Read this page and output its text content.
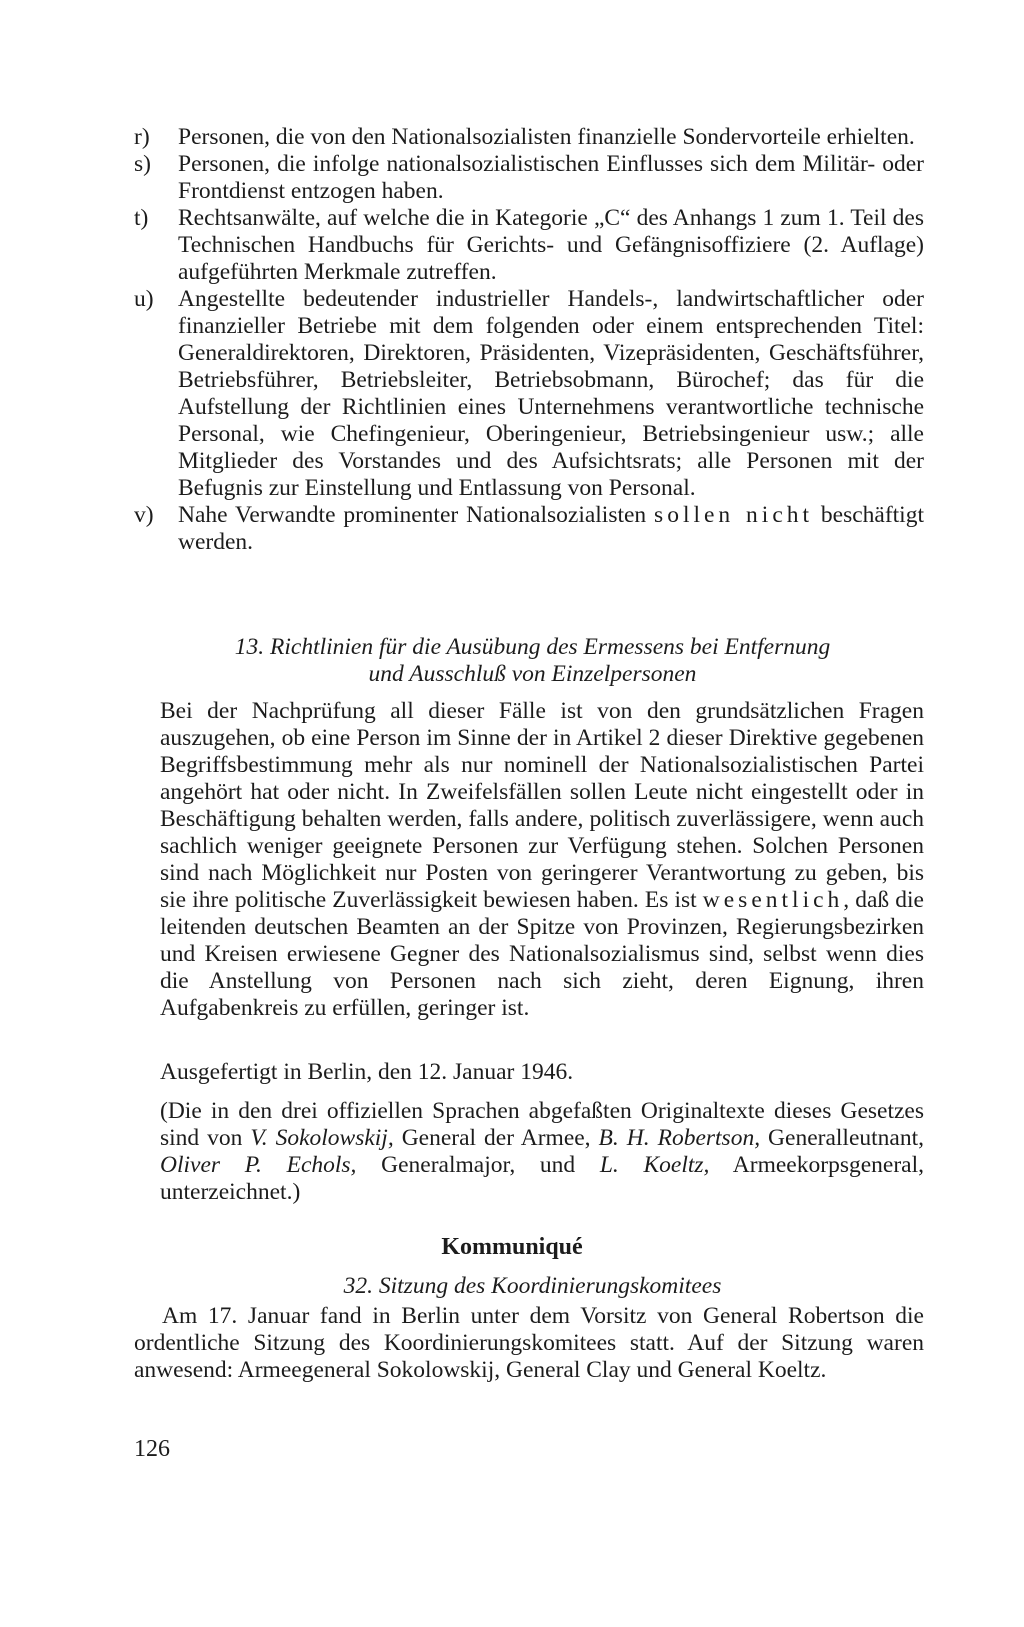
r) Personen, die von den Nationalsozialisten finanzielle Sondervorteile erhielten.
s) Personen, die infolge nationalsozialistischen Einflusses sich dem Militär- oder Frontdienst entzogen haben.
t) Rechtsanwälte, auf welche die in Kategorie „C“ des Anhangs 1 zum 1. Teil des Technischen Handbuchs für Gerichts- und Gefängnisoffiziere (2. Auflage) aufgeführten Merkmale zutreffen.
u) Angestellte bedeutender industrieller Handels-, landwirtschaftlicher oder finanzieller Betriebe mit dem folgenden oder einem entsprechenden Titel: Generaldirektoren, Direktoren, Präsidenten, Vizepräsidenten, Geschäftsführer, Betriebsführer, Betriebsleiter, Betriebsobmann, Bürochef; das für die Aufstellung der Richtlinien eines Unternehmens verantwortliche technische Personal, wie Chefingenieur, Oberingenieur, Betriebsingenieur usw.; alle Mitglieder des Vorstandes und des Aufsichtsrats; alle Personen mit der Befugnis zur Einstellung und Entlassung von Personal.
v) Nahe Verwandte prominenter Nationalsozialisten sollen nicht beschäftigt werden.
13. Richtlinien für die Ausübung des Ermessens bei Entfernung
und Ausschluß von Einzelpersonen

Bei der Nachprüfung all dieser Fälle ist von den grundsätzlichen Fragen auszugehen, ob eine Person im Sinne der in Artikel 2 dieser Direktive gegebenen Begriffsbestimmung mehr als nur nominell der Nationalsozialistischen Partei angehört hat oder nicht. In Zweifelsfällen sollen Leute nicht eingestellt oder in Beschäftigung behalten werden, falls andere, politisch zuverlässigere, wenn auch sachlich weniger geeignete Personen zur Verfügung stehen. Solchen Personen sind nach Möglichkeit nur Posten von geringerer Verantwortung zu geben, bis sie ihre politische Zuverlässigkeit bewiesen haben. Es ist wesentlich, daß die leitenden deutschen Beamten an der Spitze von Provinzen, Regierungsbezirken und Kreisen erwiesene Gegner des Nationalsozialismus sind, selbst wenn dies die Anstellung von Personen nach sich zieht, deren Eignung, ihren Aufgabenkreis zu erfüllen, geringer ist.

Ausgefertigt in Berlin, den 12. Januar 1946.

(Die in den drei offiziellen Sprachen abgefaßten Originaltexte dieses Gesetzes sind von V. Sokolowskij, General der Armee, B. H. Robertson, Generalleutnant, Oliver P. Echols, Generalmajor, und L. Koeltz, Armeekorpsgeneral, unterzeichnet.)

Kommuniqué
32. Sitzung des Koordinierungskomitees

Am 17. Januar fand in Berlin unter dem Vorsitz von General Robertson die ordentliche Sitzung des Koordinierungskomitees statt. Auf der Sitzung waren anwesend: Armeegeneral Sokolowskij, General Clay und General Koeltz.

126
